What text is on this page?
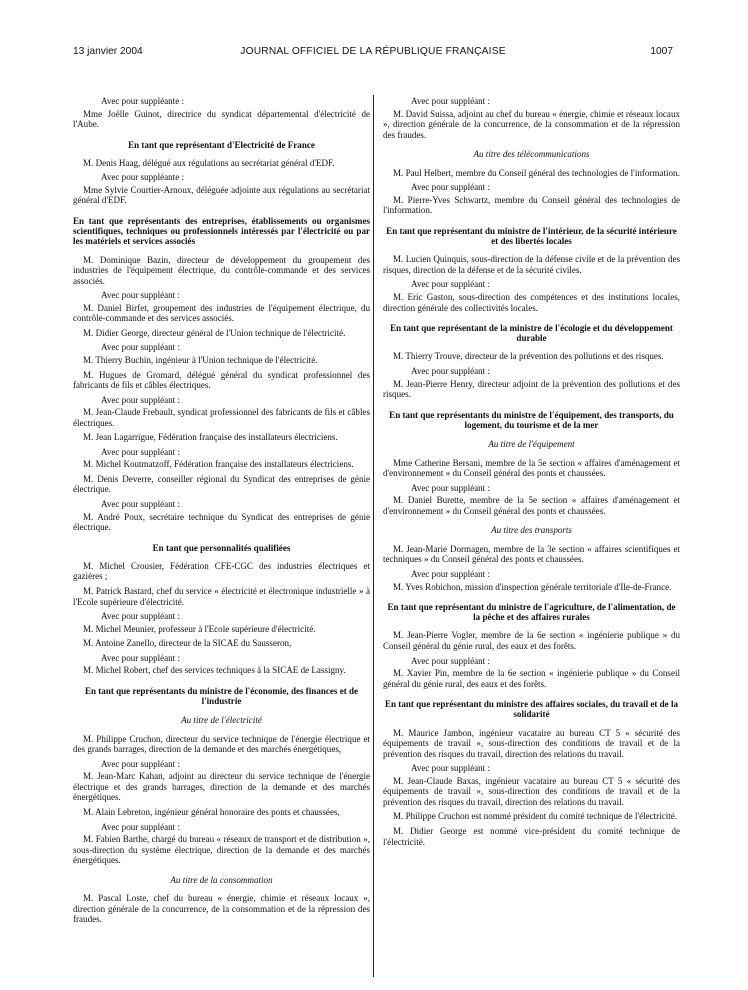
13 janvier 2004	JOURNAL OFFICIEL DE LA RÉPUBLIQUE FRANÇAISE	1007

Avec pour suppléante :

Mme Joëlle Guinot, directrice du syndicat départemental d'électricité de l'Aube.

En tant que représentant d'Electricité de France

M. Denis Haag, délégué aux régulations au secrétariat général d'EDF.

Avec pour suppléante :

Mme Sylvie Courtier-Arnoux, déléguée adjointe aux régulations au secrétariat général d'EDF.

En tant que représentants des entreprises, établissements ou organismes scientifiques, techniques ou professionnels intéressés par l'électricité ou par les matériels et services associés

M. Dominique Bazin, directeur de développement du groupement des industries de l'équipement électrique, du contrôle-commande et des services associés.

Avec pour suppléant :

M. Daniel Birfet, groupement des industries de l'équipement électrique, du contrôle-commande et des services associés.

M. Didier George, directeur général de l'Union technique de l'électricité.

Avec pour suppléant :

M. Thierry Buchin, ingénieur à l'Union technique de l'électricité.

M. Hugues de Gromard, délégué général du syndicat professionnel des fabricants de fils et câbles électriques.

Avec pour suppléant :

M. Jean-Claude Frebault, syndicat professionnel des fabricants de fils et câbles électriques.

M. Jean Lagarrigue, Fédération française des installateurs électriciens.

Avec pour suppléant :

M. Michel Koutmatzoff, Fédération française des installateurs électriciens.

M. Denis Deverre, conseiller régional du Syndicat des entreprises de génie électrique.

Avec pour suppléant :

M. André Poux, secrétaire technique du Syndicat des entreprises de génie électrique.

En tant que personnalités qualifiées

M. Michel Crousier, Fédération CFE-CGC des industries électriques et gazières ;

M. Patrick Bastard, chef du service « électricité et électronique industrielle » à l'Ecole supérieure d'électricité.

Avec pour suppléant :

M. Michel Meunier, professeur à l'Ecole supérieure d'électricité.

M. Antoine Zanello, directeur de la SICAE du Sausseron,

Avec pour suppléant :

M. Michel Robert, chef des services techniques à la SICAE de Lassigny.

En tant que représentants du ministre de l'économie, des finances et de l'industrie
Au titre de l'électricité

M. Philippe Cruchon, directeur du service technique de l'énergie électrique et des grands barrages, direction de la demande et des marchés énergétiques,

Avec pour suppléant :

M. Jean-Marc Kahan, adjoint au directeur du service technique de l'énergie électrique et des grands barrages, direction de la demande et des marchés énergétiques.

M. Alain Lebreton, ingénieur général honoraire des ponts et chaussées,

Avec pour suppléant :

M. Fabien Barthe, chargé du bureau « réseaux de transport et de distribution », sous-direction du système électrique, direction de la demande et des marchés énergétiques.

Au titre de la consommation

M. Pascal Loste, chef du bureau « énergie, chimie et réseaux locaux », direction générale de la concurrence, de la consommation et de la répression des fraudes.

Avec pour suppléant :

M. David Suissa, adjoint au chef du bureau « énergie, chimie et réseaux locaux », direction générale de la concurrence, de la consommation et de la répression des fraudes.

Au titre des télécommunications

M. Paul Helbert, membre du Conseil général des technologies de l'information.

Avec pour suppléant :

M. Pierre-Yves Schwartz, membre du Conseil général des technologies de l'information.

En tant que représentant du ministre de l'intérieur, de la sécurité intérieure et des libertés locales

M. Lucien Quinquis, sous-direction de la défense civile et de la prévention des risques, direction de la défense et de la sécurité civiles.

Avec pour suppléant :

M. Eric Gaston, sous-direction des compétences et des institutions locales, direction générale des collectivités locales.

En tant que représentant de la ministre de l'écologie et du développement durable

M. Thierry Trouve, directeur de la prévention des pollutions et des risques.

Avec pour suppléant :

M. Jean-Pierre Henry, directeur adjoint de la prévention des pollutions et des risques.

En tant que représentants du ministre de l'équipement, des transports, du logement, du tourisme et de la mer
Au titre de l'équipement

Mme Catherine Bersani, membre de la 5e section « affaires d'aménagement et d'environnement » du Conseil général des ponts et chaussées.

Avec pour suppléant :

M. Daniel Burette, membre de la 5e section « affaires d'aménagement et d'environnement » du Conseil général des ponts et chaussées.

Au titre des transports

M. Jean-Marie Dormagen, membre de la 3e section « affaires scientifiques et techniques » du Conseil général des ponts et chaussées.

Avec pour suppléant :

M. Yves Robichon, mission d'inspection générale territoriale d'Ile-de-France.

En tant que représentant du ministre de l'agriculture, de l'alimentation, de la pêche et des affaires rurales

M. Jean-Pierre Vogler, membre de la 6e section « ingénierie publique » du Conseil général du génie rural, des eaux et des forêts.

Avec pour suppléant :

M. Xavier Pin, membre de la 6e section « ingénierie publique » du Conseil général du génie rural, des eaux et des forêts.

En tant que représentant du ministre des affaires sociales, du travail et de la solidarité

M. Maurice Jambon, ingénieur vacataire au bureau CT 5 « sécurité des équipements de travail », sous-direction des conditions de travail et de la prévention des risques du travail, direction des relations du travail.

Avec pour suppléant :

M. Jean-Claude Baxas, ingénieur vacataire au bureau CT 5 « sécurité des équipements de travail », sous-direction des conditions de travail et de la prévention des risques du travail, direction des relations du travail.

M. Philippe Cruchon est nommé président du comité technique de l'électricité.

M. Didier George est nommé vice-président du comité technique de l'électricité.
